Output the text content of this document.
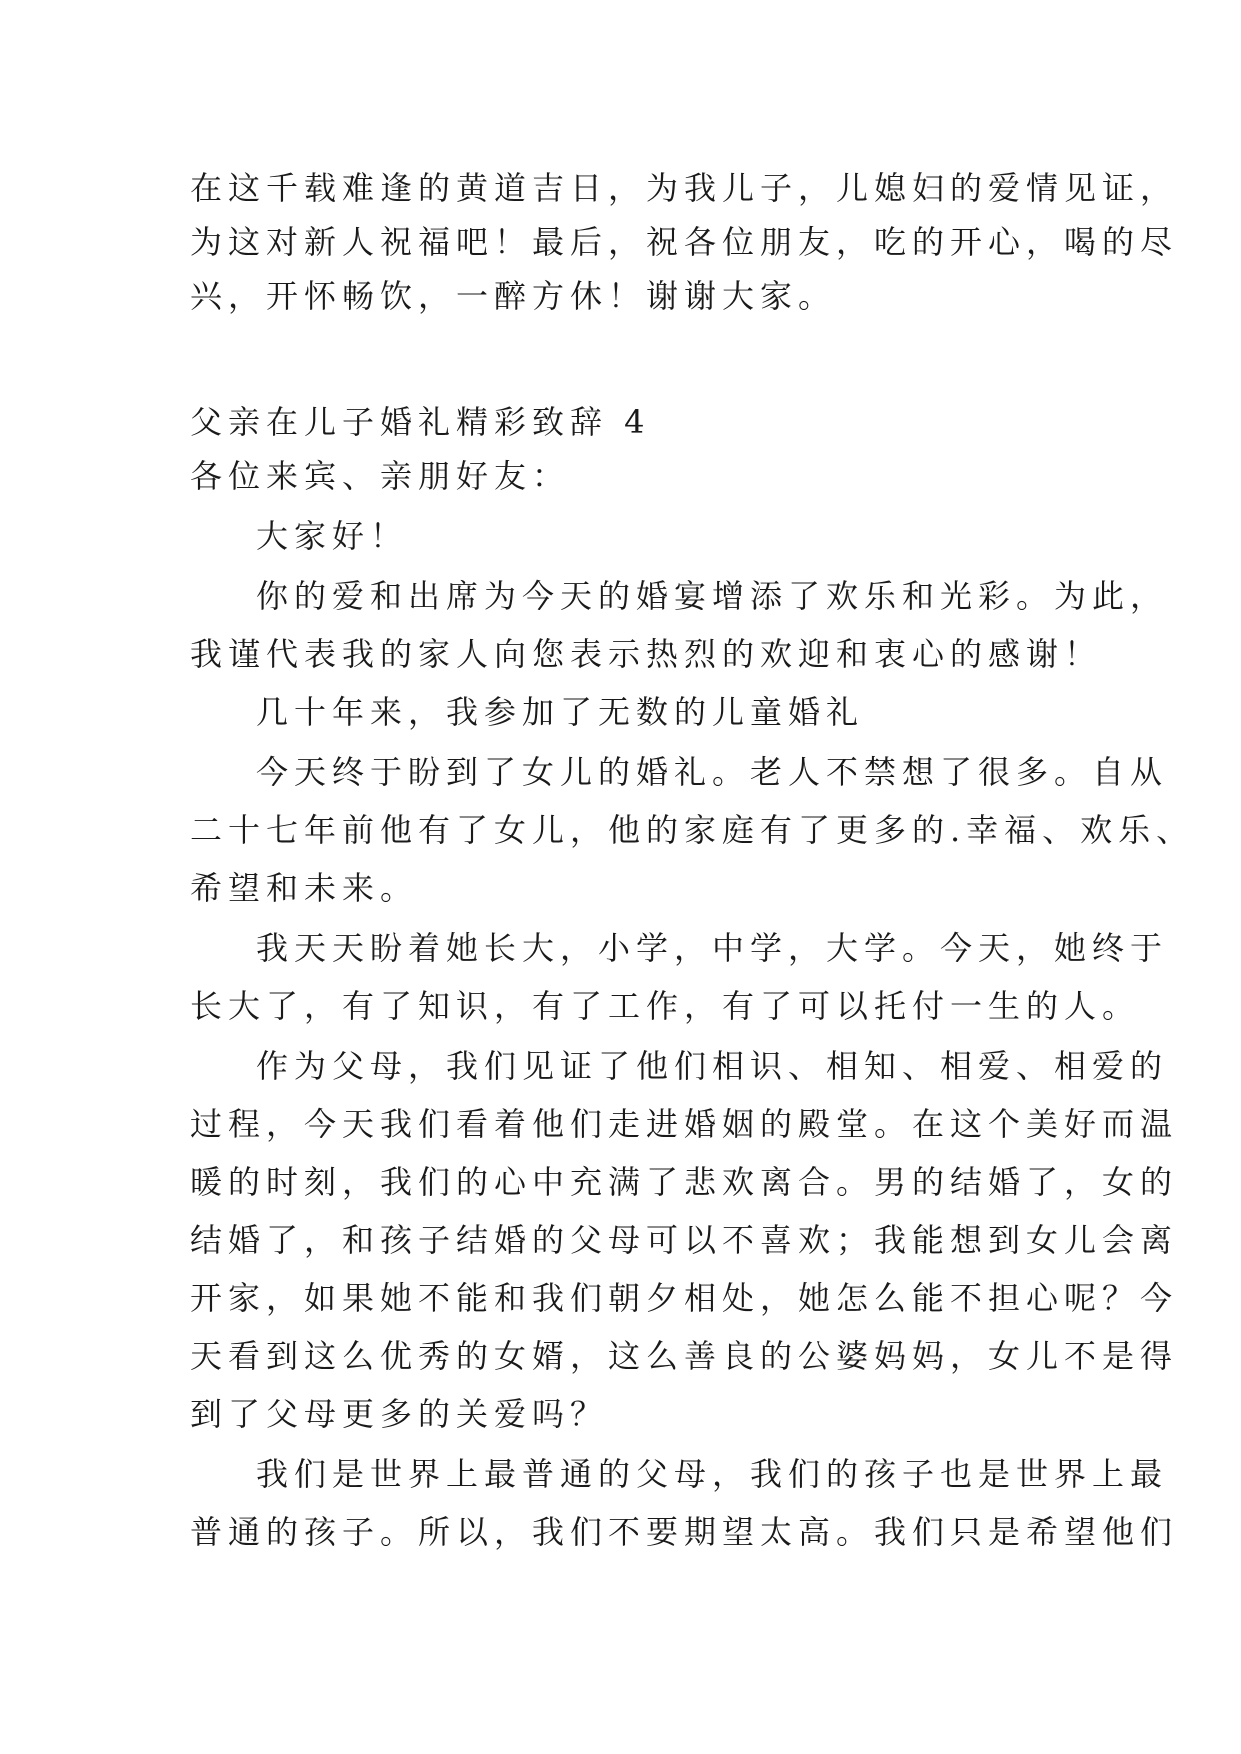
在这千载难逢的黄道吉日，为我儿子，儿媳妇的爱情见证，
为这对新人祝福吧！最后，祝各位朋友，吃的开心，喝的尽
兴，开怀畅饮，一醉方休！谢谢大家。
父亲在儿子婚礼精彩致辞 4
各位来宾、亲朋好友：
大家好！
你的爱和出席为今天的婚宴增添了欢乐和光彩。为此，
我谨代表我的家人向您表示热烈的欢迎和衷心的感谢！
几十年来，我参加了无数的儿童婚礼
今天终于盼到了女儿的婚礼。老人不禁想了很多。自从
二十七年前他有了女儿，他的家庭有了更多的.幸福、欢乐、
希望和未来。
我天天盼着她长大，小学，中学，大学。今天，她终于
长大了，有了知识，有了工作，有了可以托付一生的人。
作为父母，我们见证了他们相识、相知、相爱、相爱的
过程，今天我们看着他们走进婚姻的殿堂。在这个美好而温
暖的时刻，我们的心中充满了悲欢离合。男的结婚了，女的
结婚了，和孩子结婚的父母可以不喜欢；我能想到女儿会离
开家，如果她不能和我们朝夕相处，她怎么能不担心呢？今
天看到这么优秀的女婿，这么善良的公婆妈妈，女儿不是得
到了父母更多的关爱吗？
我们是世界上最普通的父母，我们的孩子也是世界上最
普通的孩子。所以，我们不要期望太高。我们只是希望他们
